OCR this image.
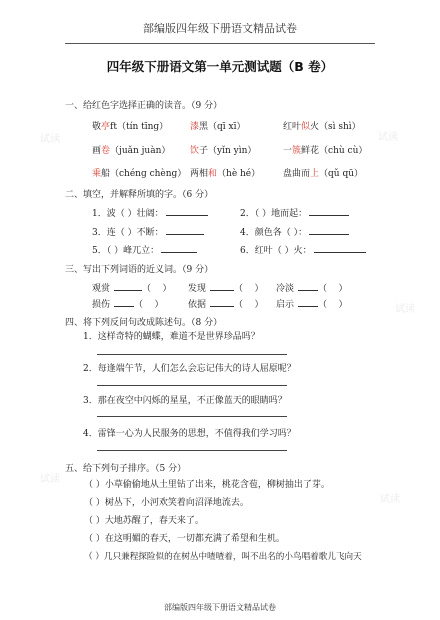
试读	试读
试读
试读
试读
部编版四年级下册语文精品试卷
四年级下册语文第一单元测试题（B 卷）
一、给红色字选择正确的读音。（9 分）
敬亭ft（tín tīnɡ） 漆黑（qī xī）	红叶似火（sì shì）
画卷（juǎn juàn） 饮子（yǐn yìn）	一簇鲜花（chù cù）
乘船（chénɡ chènɡ） 两相和（hè hé）	盘曲而上（qǔ qū）
二、填空，并解释所填的字。（6 分）
1．波（ ）壮阔：	2．（ ）地而起：
3．连（ ）不断：	4．颜色各（ ）：
5．（ ）峰兀立：	6．红叶（ ）火：
三、写出下列词语的近义词。（9 分）
观赏	（    ） 发现	（    ） 冷淡	（    ）
损伤	（    ）	依据	（    ） 启示	（    ）
四、将下列反问句改成陈述句。（8 分）
1．这样奇特的蝴蝶，难道不是世界珍品吗？
2．每逢端午节，人们怎么会忘记伟大的诗人屈原呢？
3．那在夜空中闪烁的星星，不正像蓝天的眼睛吗？
4．雷锋一心为人民服务的思想，不值得我们学习吗？
五、给下列句子排序。（5 分）
（ ）小草偷偷地从土里钻了出来，桃花含苞，柳树抽出了芽。
（ ）树丛下，小河欢笑着向沼泽地流去。
（ ）大地苏醒了，春天来了。
（ ）在这明媚的春天，一切都充满了希望和生机。
（ ）几只兼程探险似的在树丛中喳喳着，叫不出名的小鸟唱着歌儿飞向天
部编版四年级下册语文精品试卷
